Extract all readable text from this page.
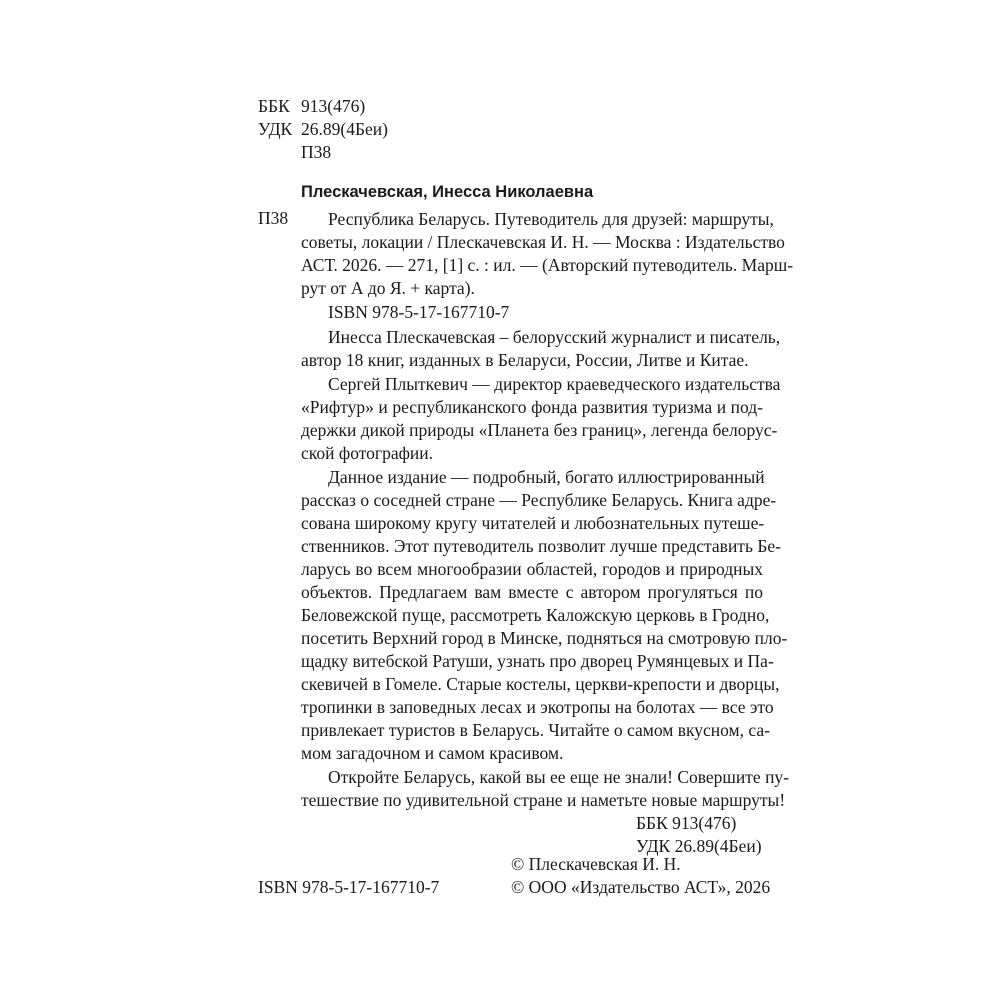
ББК 913(476)
УДК 26.89(4Беи)
П38
Плескачевская, Инесса Николаевна
П38	Республика Беларусь. Путеводитель для друзей: маршруты,
советы, локации / Плескачевская И. Н. — Москва : Издательство
АСТ. 2026. — 271, [1] с. : ил. — (Авторский путеводитель. Марш-
рут от А до Я. + карта).
ISBN 978-5-17-167710-7
Инесса Плескачевская – белорусский журналист и писатель,
автор 18 книг, изданных в Беларуси, России, Литве и Китае.
Сергей Плыткевич — директор краеведческого издательства
«Рифтур» и республиканского фонда развития туризма и под-
держки дикой природы «Планета без границ», легенда белорус-
ской фотографии.
Данное издание — подробный, богато иллюстрированный
рассказ о соседней стране — Республике Беларусь. Книга адре-
сована широкому кругу читателей и любознательных путеше-
ственников. Этот путеводитель позволит лучше представить Бе-
ларусь во всем многообразии областей, городов и природных
объектов. Предлагаем вам вместе с автором прогуляться по
Беловежской пуще, рассмотреть Каложскую церковь в Гродно,
посетить Верхний город в Минске, подняться на смотровую пло-
щадку витебской Ратуши, узнать про дворец Румянцевых и Па-
скевичей в Гомеле. Старые костелы, церкви-крепости и дворцы,
тропинки в заповедных лесах и экотропы на болотах — все это
привлекает туристов в Беларусь. Читайте о самом вкусном, са-
мом загадочном и самом красивом.
Откройте Беларусь, какой вы ее еще не знали! Совершите пу-
тешествие по удивительной стране и наметьте новые маршруты!
ББК 913(476)
УДК 26.89(4Беи)
© Плескачевская И. Н.
ISBN 978-5-17-167710-7	© ООО «Издательство АСТ», 2026
